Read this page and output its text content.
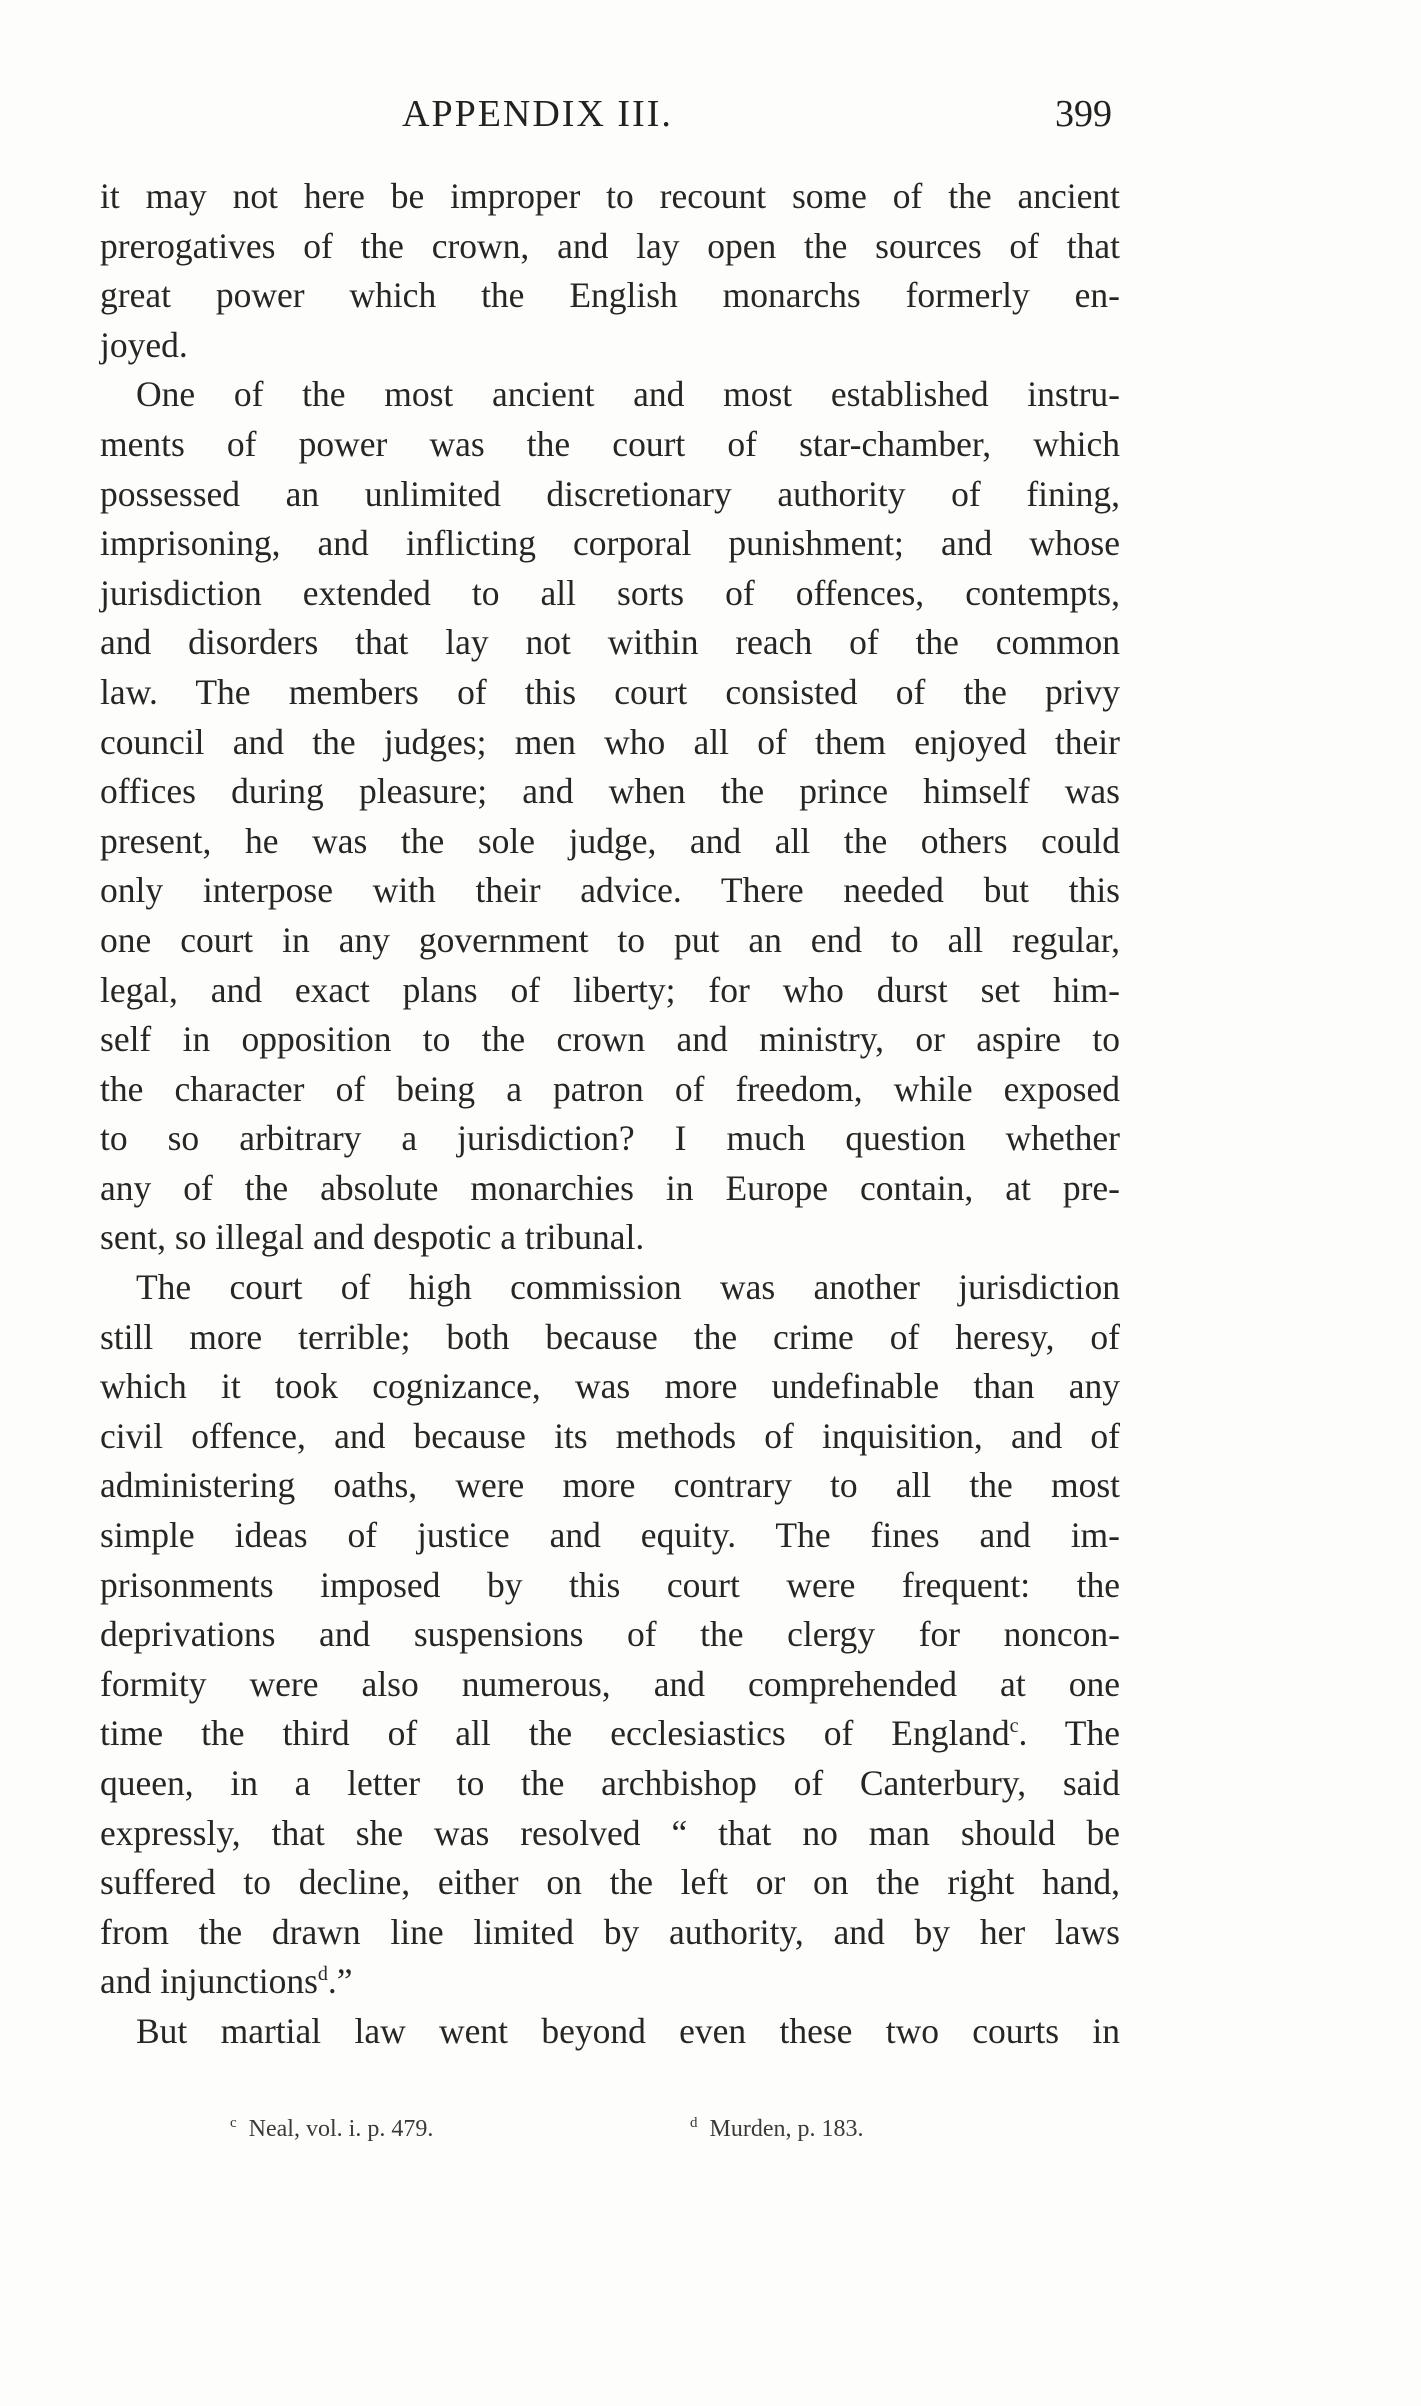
APPENDIX III.	399
it may not here be improper to recount some of the ancient
prerogatives of the crown, and lay open the sources of that
great power which the English monarchs formerly en-
joyed.
One of the most ancient and most established instru-
ments of power was the court of star-chamber, which
possessed an unlimited discretionary authority of fining,
imprisoning, and inflicting corporal punishment; and whose
jurisdiction extended to all sorts of offences, contempts,
and disorders that lay not within reach of the common
law. The members of this court consisted of the privy
council and the judges; men who all of them enjoyed their
offices during pleasure; and when the prince himself was
present, he was the sole judge, and all the others could
only interpose with their advice. There needed but this
one court in any government to put an end to all regular,
legal, and exact plans of liberty; for who durst set him-
self in opposition to the crown and ministry, or aspire to
the character of being a patron of freedom, while exposed
to so arbitrary a jurisdiction? I much question whether
any of the absolute monarchies in Europe contain, at pre-
sent, so illegal and despotic a tribunal.
The court of high commission was another jurisdiction
still more terrible; both because the crime of heresy, of
which it took cognizance, was more undefinable than any
civil offence, and because its methods of inquisition, and of
administering oaths, were more contrary to all the most
simple ideas of justice and equity. The fines and im-
prisonments imposed by this court were frequent: the
deprivations and suspensions of the clergy for noncon-
formity were also numerous, and comprehended at one
time the third of all the ecclesiastics of England$^c$. The
queen, in a letter to the archbishop of Canterbury, said
expressly, that she was resolved “ that no man should be
suffered to decline, either on the left or on the right hand,
from the drawn line limited by authority, and by her laws
and injunctions$^d$.”
But martial law went beyond even these two courts in
$^c$ Neal, vol. i. p. 479.	$^d$ Murden, p. 183.
